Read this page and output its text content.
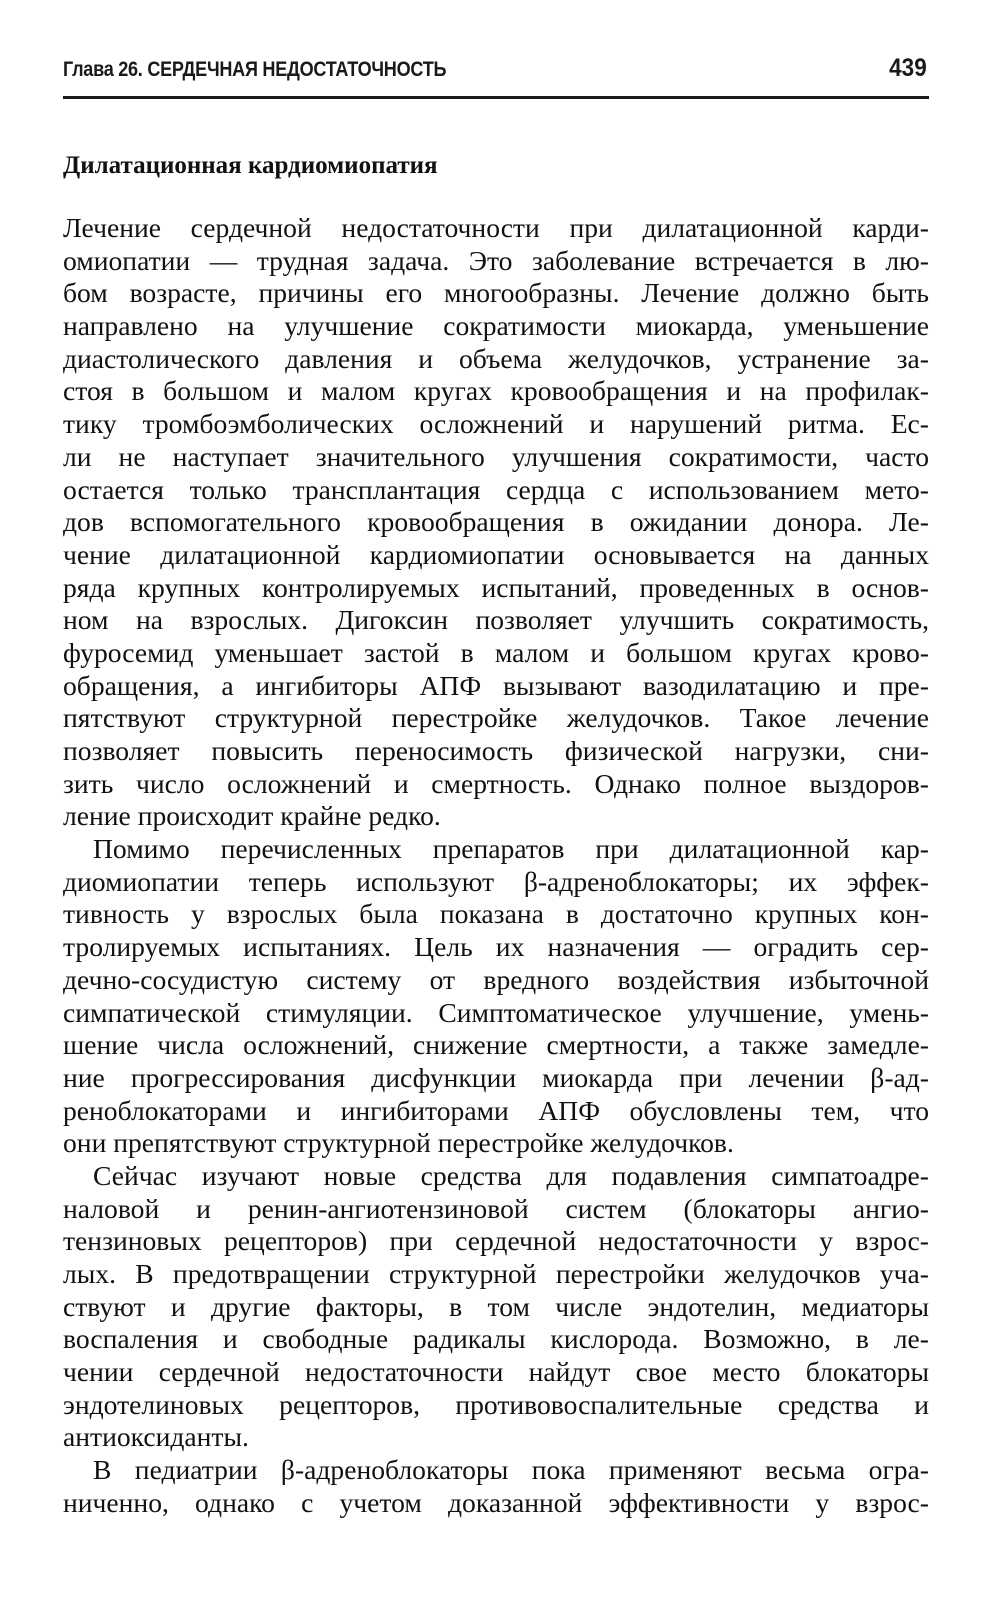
Глава 26. СЕРДЕЧНАЯ НЕДОСТАТОЧНОСТЬ	439
Дилатационная кардиомиопатия
Лечение сердечной недостаточности при дилатационной карди-
омиопатии — трудная задача. Это заболевание встречается в лю-
бом возрасте, причины его многообразны. Лечение должно быть
направлено на улучшение сократимости миокарда, уменьшение
диастолического давления и объема желудочков, устранение за-
стоя в большом и малом кругах кровообращения и на профилак-
тику тромбоэмболических осложнений и нарушений ритма. Ес-
ли не наступает значительного улучшения сократимости, часто
остается только трансплантация сердца с использованием мето-
дов вспомогательного кровообращения в ожидании донора. Ле-
чение дилатационной кардиомиопатии основывается на данных
ряда крупных контролируемых испытаний, проведенных в основ-
ном на взрослых. Дигоксин позволяет улучшить сократимость,
фуросемид уменьшает застой в малом и большом кругах крово-
обращения, а ингибиторы АПФ вызывают вазодилатацию и пре-
пятствуют структурной перестройке желудочков. Такое лечение
позволяет повысить переносимость физической нагрузки, сни-
зить число осложнений и смертность. Однако полное выздоров-
ление происходит крайне редко.
Помимо перечисленных препаратов при дилатационной кар-
диомиопатии теперь используют β-адреноблокаторы; их эффек-
тивность у взрослых была показана в достаточно крупных кон-
тролируемых испытаниях. Цель их назначения — оградить сер-
дечно-сосудистую систему от вредного воздействия избыточной
симпатической стимуляции. Симптоматическое улучшение, умень-
шение числа осложнений, снижение смертности, а также замедле-
ние прогрессирования дисфункции миокарда при лечении β-ад-
реноблокаторами и ингибиторами АПФ обусловлены тем, что
они препятствуют структурной перестройке желудочков.
Сейчас изучают новые средства для подавления симпатоадре-
наловой и ренин-ангиотензиновой систем (блокаторы ангио-
тензиновых рецепторов) при сердечной недостаточности у взрос-
лых. В предотвращении структурной перестройки желудочков уча-
ствуют и другие факторы, в том числе эндотелин, медиаторы
воспаления и свободные радикалы кислорода. Возможно, в ле-
чении сердечной недостаточности найдут свое место блокаторы
эндотелиновых рецепторов, противовоспалительные средства и
антиоксиданты.
В педиатрии β-адреноблокаторы пока применяют весьма огра-
ниченно, однако с учетом доказанной эффективности у взрос-
